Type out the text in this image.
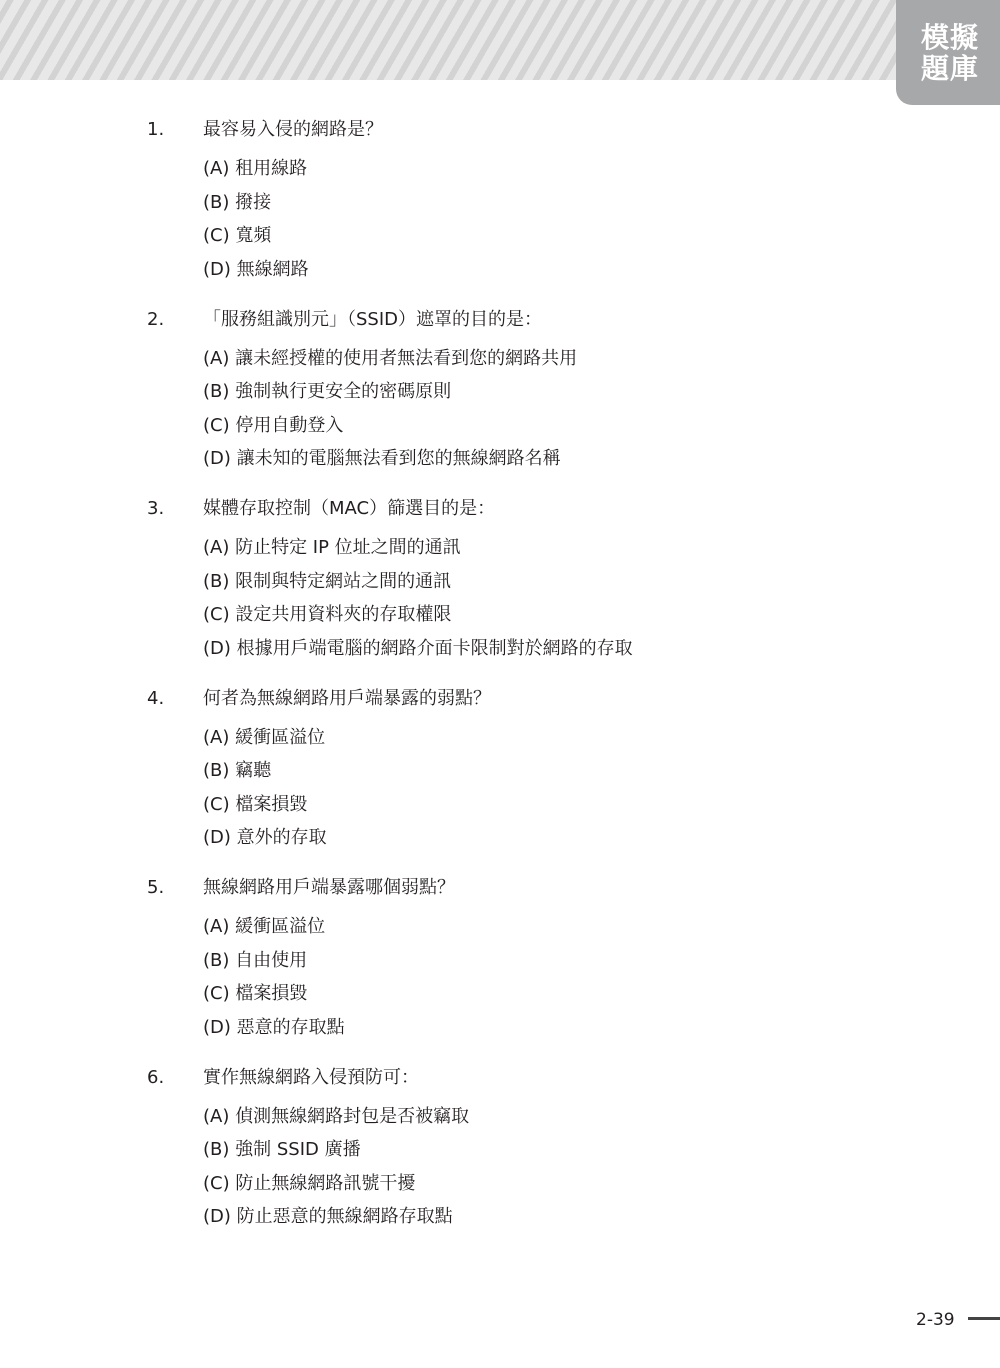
模擬
題庫
1. 最容易入侵的網路是？
(A) 租用線路
(B) 撥接
(C) 寬頻
(D) 無線網路
2. 「服務組識別元」（SSID）遮罩的目的是：
(A) 讓未經授權的使用者無法看到您的網路共用
(B) 強制執行更安全的密碼原則
(C) 停用自動登入
(D) 讓未知的電腦無法看到您的無線網路名稱
3. 媒體存取控制（MAC）篩選目的是：
(A) 防止特定 IP 位址之間的通訊
(B) 限制與特定網站之間的通訊
(C) 設定共用資料夾的存取權限
(D) 根據用戶端電腦的網路介面卡限制對於網路的存取
4. 何者為無線網路用戶端暴露的弱點？
(A) 緩衝區溢位
(B) 竊聽
(C) 檔案損毀
(D) 意外的存取
5. 無線網路用戶端暴露哪個弱點？
(A) 緩衝區溢位
(B) 自由使用
(C) 檔案損毀
(D) 惡意的存取點
6. 實作無線網路入侵預防可：
(A) 偵測無線網路封包是否被竊取
(B) 強制 SSID 廣播
(C) 防止無線網路訊號干擾
(D) 防止惡意的無線網路存取點
2-39
